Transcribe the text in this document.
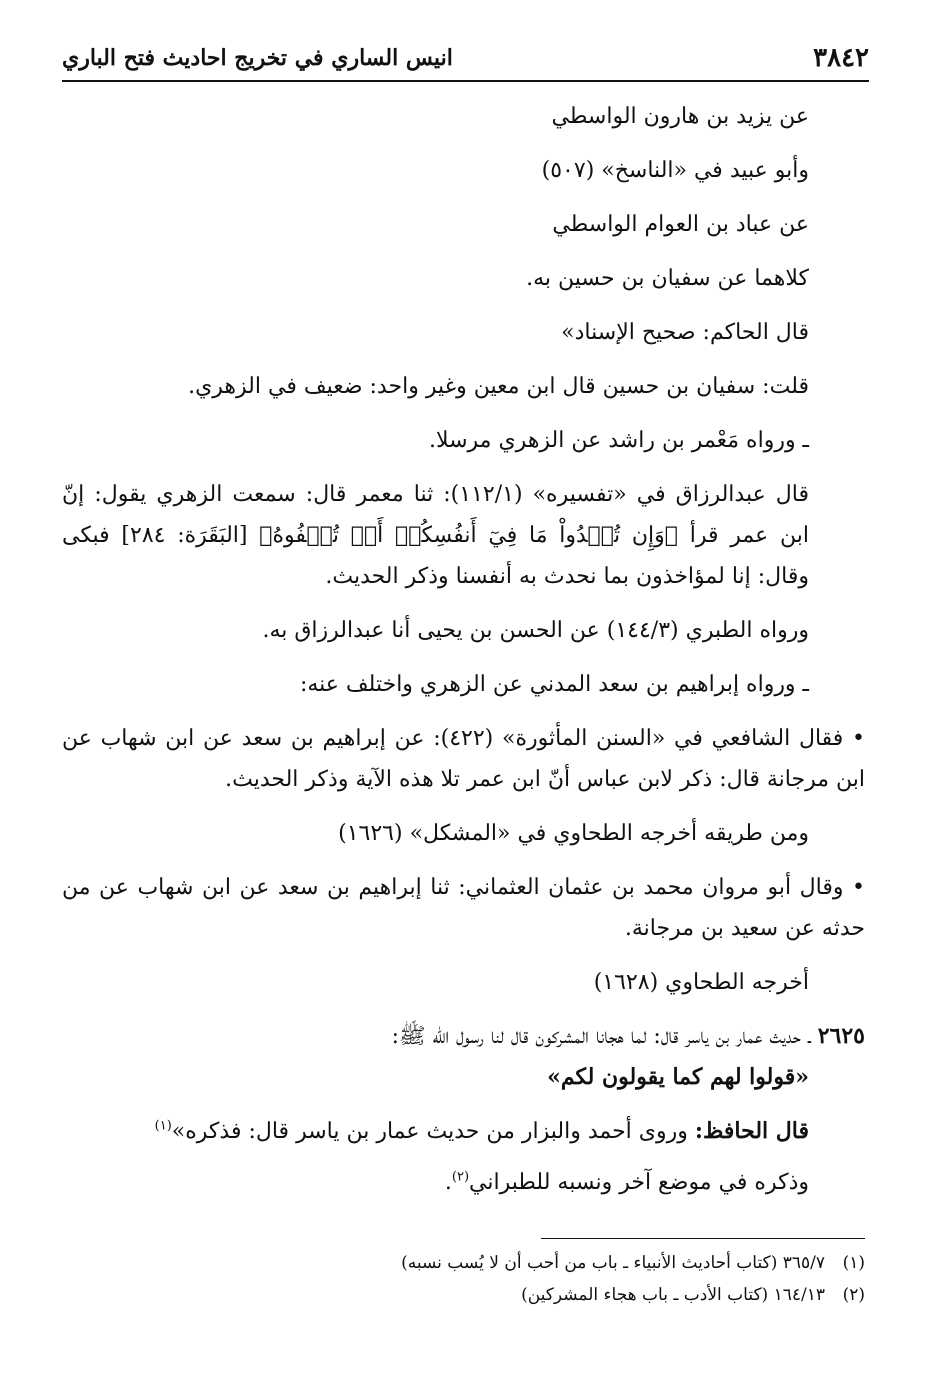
٣٨٤٢
انيس الساري في تخريج احاديث فتح الباري
عن يزيد بن هارون الواسطي
وأبو عبيد في «الناسخ» (٥٠٧)
عن عباد بن العوام الواسطي
كلاهما عن سفيان بن حسين به.
قال الحاكم: صحيح الإسناد»
قلت: سفيان بن حسين قال ابن معين وغير واحد: ضعيف في الزهري.
ـ ورواه مَعْمر بن راشد عن الزهري مرسلا.
قال عبدالرزاق في «تفسيره» (١١٢/١): ثنا معمر قال: سمعت الزهري يقول: إنّ ابن عمر قرأ ﴿وَإِن تُبۡدُواْ مَا فِيٓ أَنفُسِكُمۡ أَوۡ تُخۡفُوهُ﴾ [البَقَرَة: ٢٨٤] فبكى وقال: إنا لمؤاخذون بما نحدث به أنفسنا وذكر الحديث.
ورواه الطبري (١٤٤/٣) عن الحسن بن يحيى أنا عبدالرزاق به.
ـ ورواه إبراهيم بن سعد المدني عن الزهري واختلف عنه:
• فقال الشافعي في «السنن المأثورة» (٤٢٢): عن إبراهيم بن سعد عن ابن شهاب عن ابن مرجانة قال: ذكر لابن عباس أنّ ابن عمر تلا هذه الآية وذكر الحديث.
ومن طريقه أخرجه الطحاوي في «المشكل» (١٦٢٦)
• وقال أبو مروان محمد بن عثمان العثماني: ثنا إبراهيم بن سعد عن ابن شهاب عن من حدثه عن سعيد بن مرجانة.
أخرجه الطحاوي (١٦٢٨)
٢٦٢٥ ـ حديث عمار بن ياسر قال: لما هجانا المشركون قال لنا رسول الله ﷺ:
«قولوا لهم كما يقولون لكم»
قال الحافظ: وروى أحمد والبزار من حديث عمار بن ياسر قال: فذكره»$^{(١)}$
وذكره في موضع آخر ونسبه للطبراني$^{(٢)}$.
(١)٣٦٥/٧ (كتاب أحاديث الأنبياء ـ باب من أحب أن لا يُسب نسبه)
(٢)١٦٤/١٣ (كتاب الأدب ـ باب هجاء المشركين)
